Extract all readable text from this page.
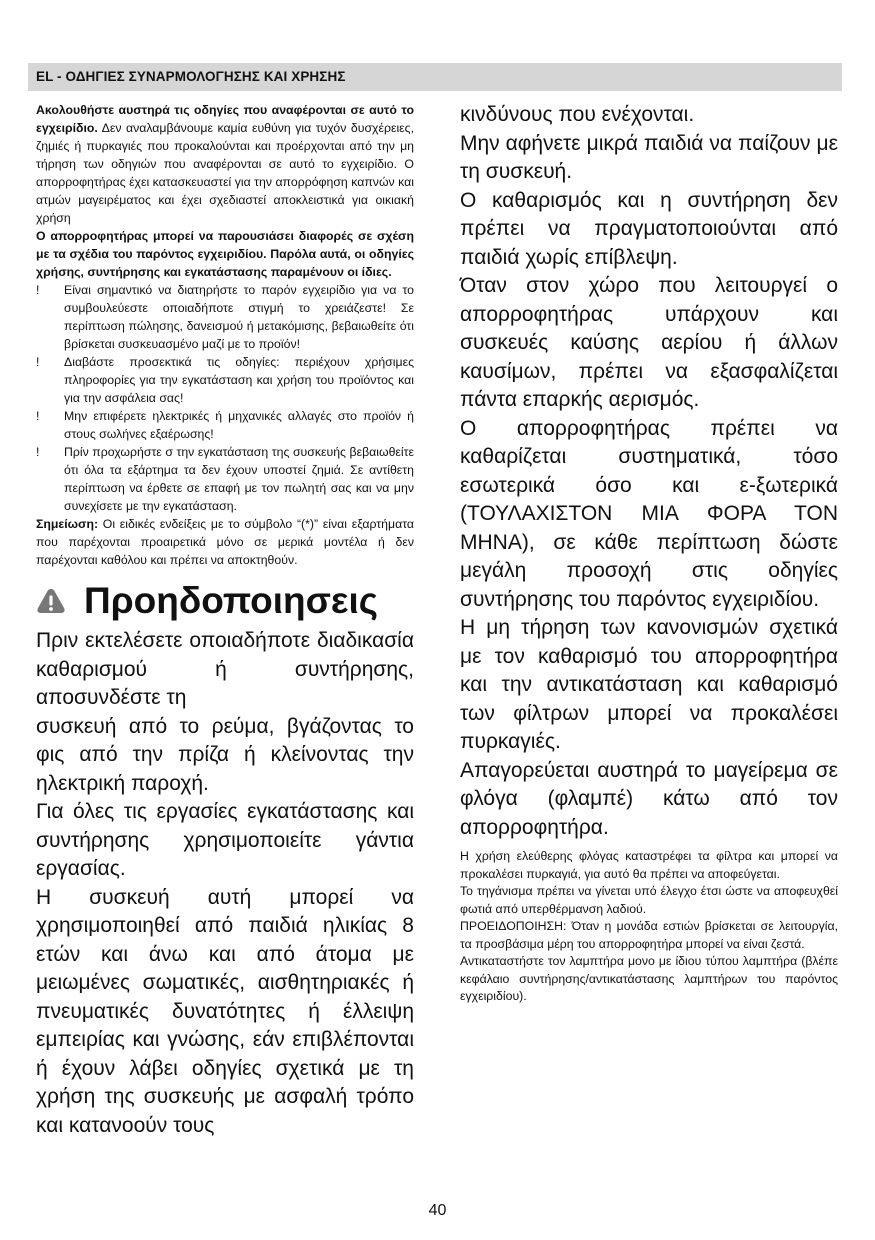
EL - ΟΔΗΓΙΕΣ ΣΥΝΑΡΜΟΛΟΓΗΣΗΣ ΚΑΙ ΧΡΗΣΗΣ

Ακολουθήστε αυστηρά τις οδηγίες που αναφέρονται σε αυτό το εγχειρίδιο. Δεν αναλαμβάνουμε καμία ευθύνη για τυχόν δυσχέρειες, ζημιές ή πυρκαγιές που προκαλούνται και προέρχονται από την μη τήρηση των οδηγιών που αναφέρονται σε αυτό το εγχειρίδιο. Ο απορροφητήρας έχει κατασκευαστεί για την απορρόφηση καπνών και ατμών μαγειρέματος και έχει σχεδιαστεί αποκλειστικά για οικιακή χρήση

Ο απορροφητήρας μπορεί να παρουσιάσει διαφορές σε σχέση με τα σχέδια του παρόντος εγχειριδίου. Παρόλα αυτά, οι οδηγίες χρήσης, συντήρησης και εγκατάστασης παραμένουν οι ίδιες.

!	Είναι σημαντικό να διατηρήστε το παρόν εγχειρίδιο για να το συμβουλεύεστε οποιαδήποτε στιγμή το χρειάζεστε! Σε περίπτωση πώλησης, δανεισμού ή μετακόμισης, βεβαιωθείτε ότι βρίσκεται συσκευασμένο μαζί με το προϊόν!
!	Διαβάστε προσεκτικά τις οδηγίες: περιέχουν χρήσιμες πληροφορίες για την εγκατάσταση και χρήση του προϊόντος και για την ασφάλεια σας!
!	Μην επιφέρετε ηλεκτρικές ή μηχανικές αλλαγές στο προϊόν ή στους σωλήνες εξαέρωσης!
!	Πρίν προχωρήστε σ την εγκατάσταση της συσκευής βεβαιωθείτε ότι όλα τα εξάρτημα τα δεν έχουν υποστεί ζημιά. Σε αντίθετη περίπτωση να έρθετε σε επαφή με τον πωλητή σας και να μην συνεχίσετε με την εγκατάσταση.

Σημείωση: Οι ειδικές ενδείξεις με το σύμβολο “(*)” είναι εξαρτήματα που παρέχονται προαιρετικά μόνο σε μερικά μοντέλα ή δεν παρέχονται καθόλου και πρέπει να αποκτηθούν.

Προηδοποιησεις

Πριν εκτελέσετε οποιαδήποτε διαδικασία καθαρισμού ή συντήρησης, αποσυνδέστε τη

συσκευή από το ρεύμα, βγάζοντας το φις από την πρίζα ή κλείνοντας την ηλεκτρική παροχή.

Για όλες τις εργασίες εγκατάστασης και συντήρησης χρησιμοποιείτε γάντια εργασίας.

Η συσκευή αυτή μπορεί να χρησιμοποιηθεί από παιδιά ηλικίας 8 ετών και άνω και από άτομα με μειωμένες σωματικές, αισθητηριακές ή πνευματικές δυνατότητες ή έλλειψη εμπειρίας και γνώσης, εάν επιβλέπονται ή έχουν λάβει οδηγίες σχετικά με τη χρήση της συσκευής με ασφαλή τρόπο και κατανοούν τους

κινδύνους που ενέχονται.

Μην αφήνετε μικρά παιδιά να παίζουν με τη συσκευή.

Ο καθαρισμός και η συντήρηση δεν πρέπει να πραγματοποιούνται από παιδιά χωρίς επίβλεψη.

Όταν στον χώρο που λειτουργεί ο απορροφητήρας υπάρχουν και συσκευές καύσης αερίου ή άλλων καυσίμων, πρέπει να εξασφαλίζεται πάντα επαρκής αερισμός.

Ο απορροφητήρας πρέπει να καθαρίζεται συστηματικά, τόσο εσωτερικά όσο και ε-ξωτερικά (ΤΟΥΛΑΧΙΣΤΟΝ ΜΙΑ ΦΟΡΑ ΤΟΝ ΜΗΝΑ), σε κάθε περίπτωση δώστε μεγάλη προσοχή στις οδηγίες συντήρησης του παρόντος εγχειριδίου.

Η μη τήρηση των κανονισμών σχετικά με τον καθαρισμό του απορροφητήρα και την αντικατάσταση και καθαρισμό των φίλτρων μπορεί να προκαλέσει πυρκαγιές.

Απαγορεύεται αυστηρά το μαγείρεμα σε φλόγα (φλαμπέ) κάτω από τον απορροφητήρα.

Η χρήση ελεύθερης φλόγας καταστρέφει τα φίλτρα και μπορεί να προκαλέσει πυρκαγιά, για αυτό θα πρέπει να αποφεύγεται.

Το τηγάνισμα πρέπει να γίνεται υπό έλεγχο έτσι ώστε να αποφευχθεί φωτιά από υπερθέρμανση λαδιού.

ΠΡΟΕΙΔΟΠΟΙΗΣΗ: Όταν η μονάδα εστιών βρίσκεται σε λειτουργία, τα προσβάσιμα μέρη του απορροφητήρα μπορεί να είναι ζεστά.

Αντικαταστήστε τον λαμπτήρα μονο με ίδιου τύπου λαμπτήρα (βλέπε κεφάλαιο συντήρησης/αντικατάστασης λαμπτήρων του παρόντος εγχειριδίου).

40
